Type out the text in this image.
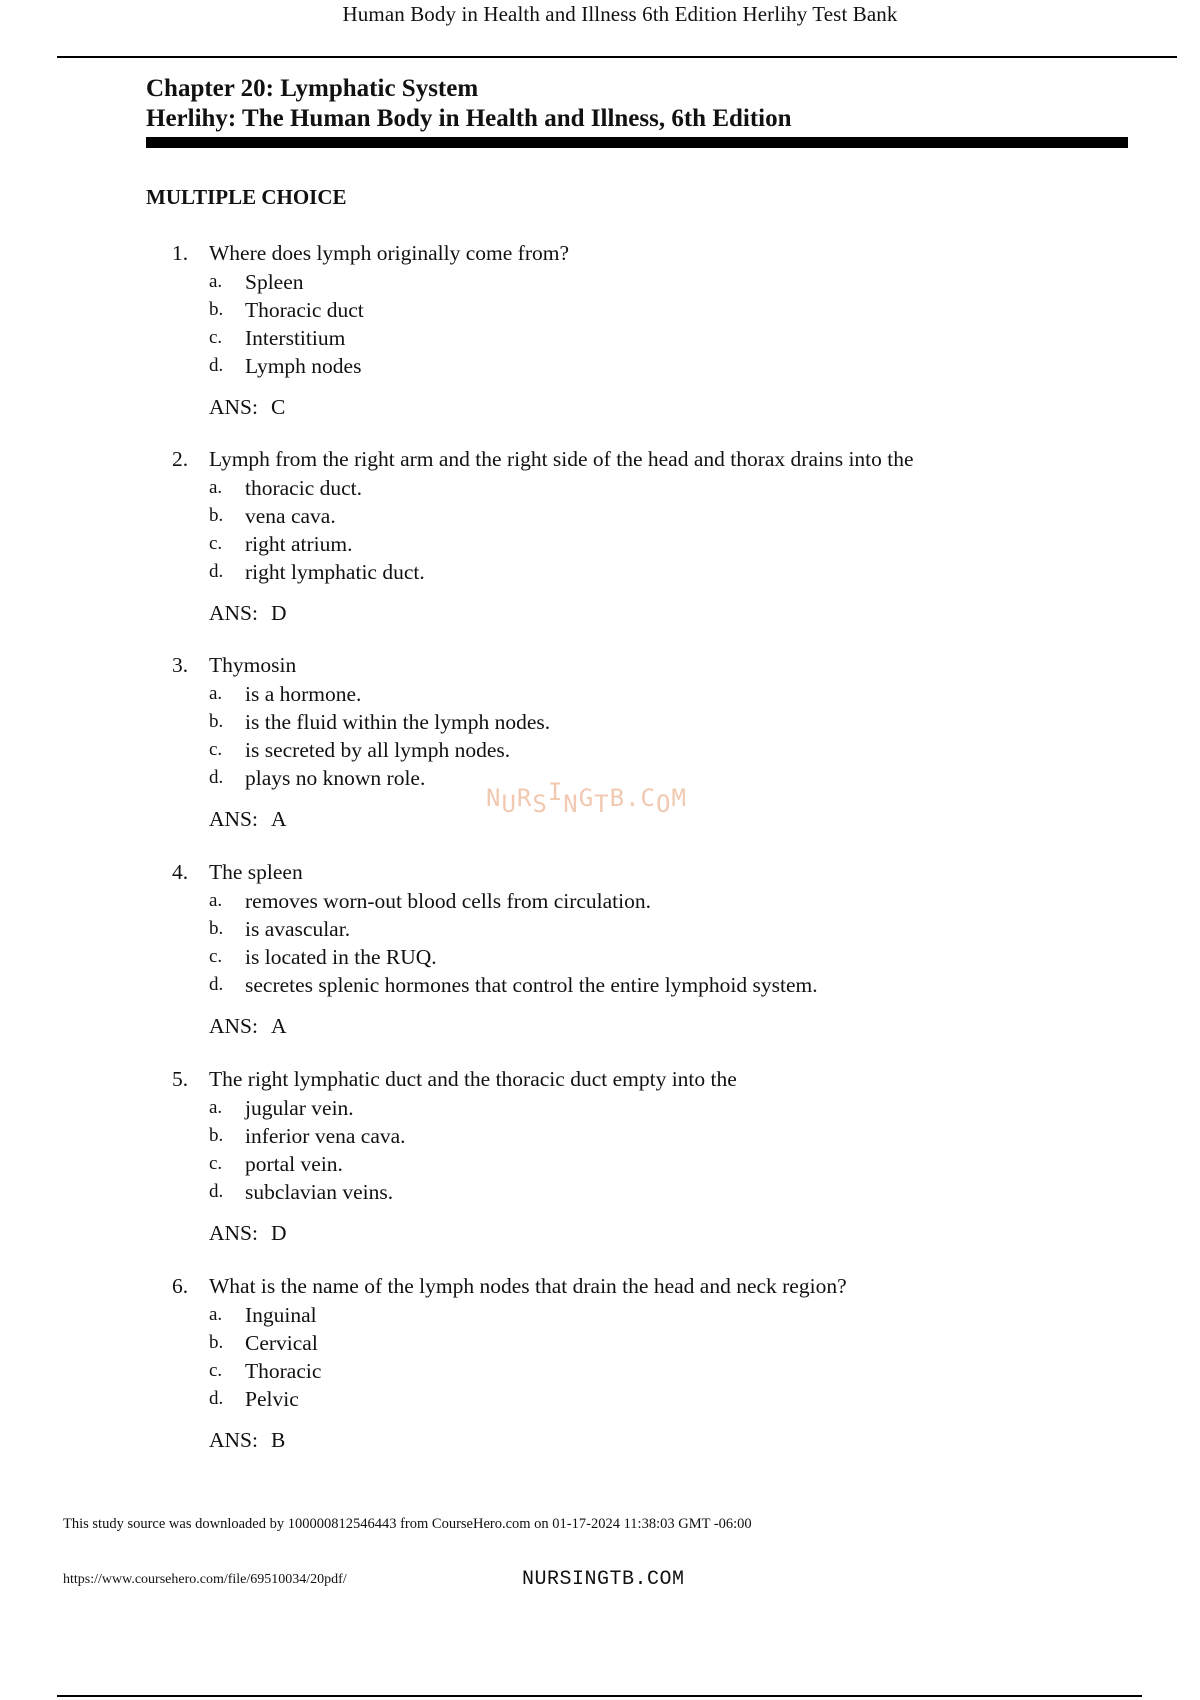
Human Body in Health and Illness 6th Edition Herlihy Test Bank
Chapter 20: Lymphatic System
Herlihy: The Human Body in Health and Illness, 6th Edition
MULTIPLE CHOICE
1. Where does lymph originally come from?
a.	Spleen
b.	Thoracic duct
c.	Interstitium
d.	Lymph nodes
ANS: C
2. Lymph from the right arm and the right side of the head and thorax drains into the
a.	thoracic duct.
b.	vena cava.
c.	right atrium.
d.	right lymphatic duct.
ANS: D
3. Thymosin
a.	is a hormone.
b.	is the fluid within the lymph nodes.
c.	is secreted by all lymph nodes.
d.	plays no known role.
ANS: A
NURSINGTB.COM
4. The spleen
a.	removes worn-out blood cells from circulation.
b.	is avascular.
c.	is located in the RUQ.
d.	secretes splenic hormones that control the entire lymphoid system.
ANS: A
5. The right lymphatic duct and the thoracic duct empty into the
a.	jugular vein.
b.	inferior vena cava.
c.	portal vein.
d.	subclavian veins.
ANS: D
6. What is the name of the lymph nodes that drain the head and neck region?
a.	Inguinal
b.	Cervical
c.	Thoracic
d.	Pelvic
ANS: B
This study source was downloaded by 100000812546443 from CourseHero.com on 01-17-2024 11:38:03 GMT -06:00
https://www.coursehero.com/file/69510034/20pdf/	NURSINGTB.COM
